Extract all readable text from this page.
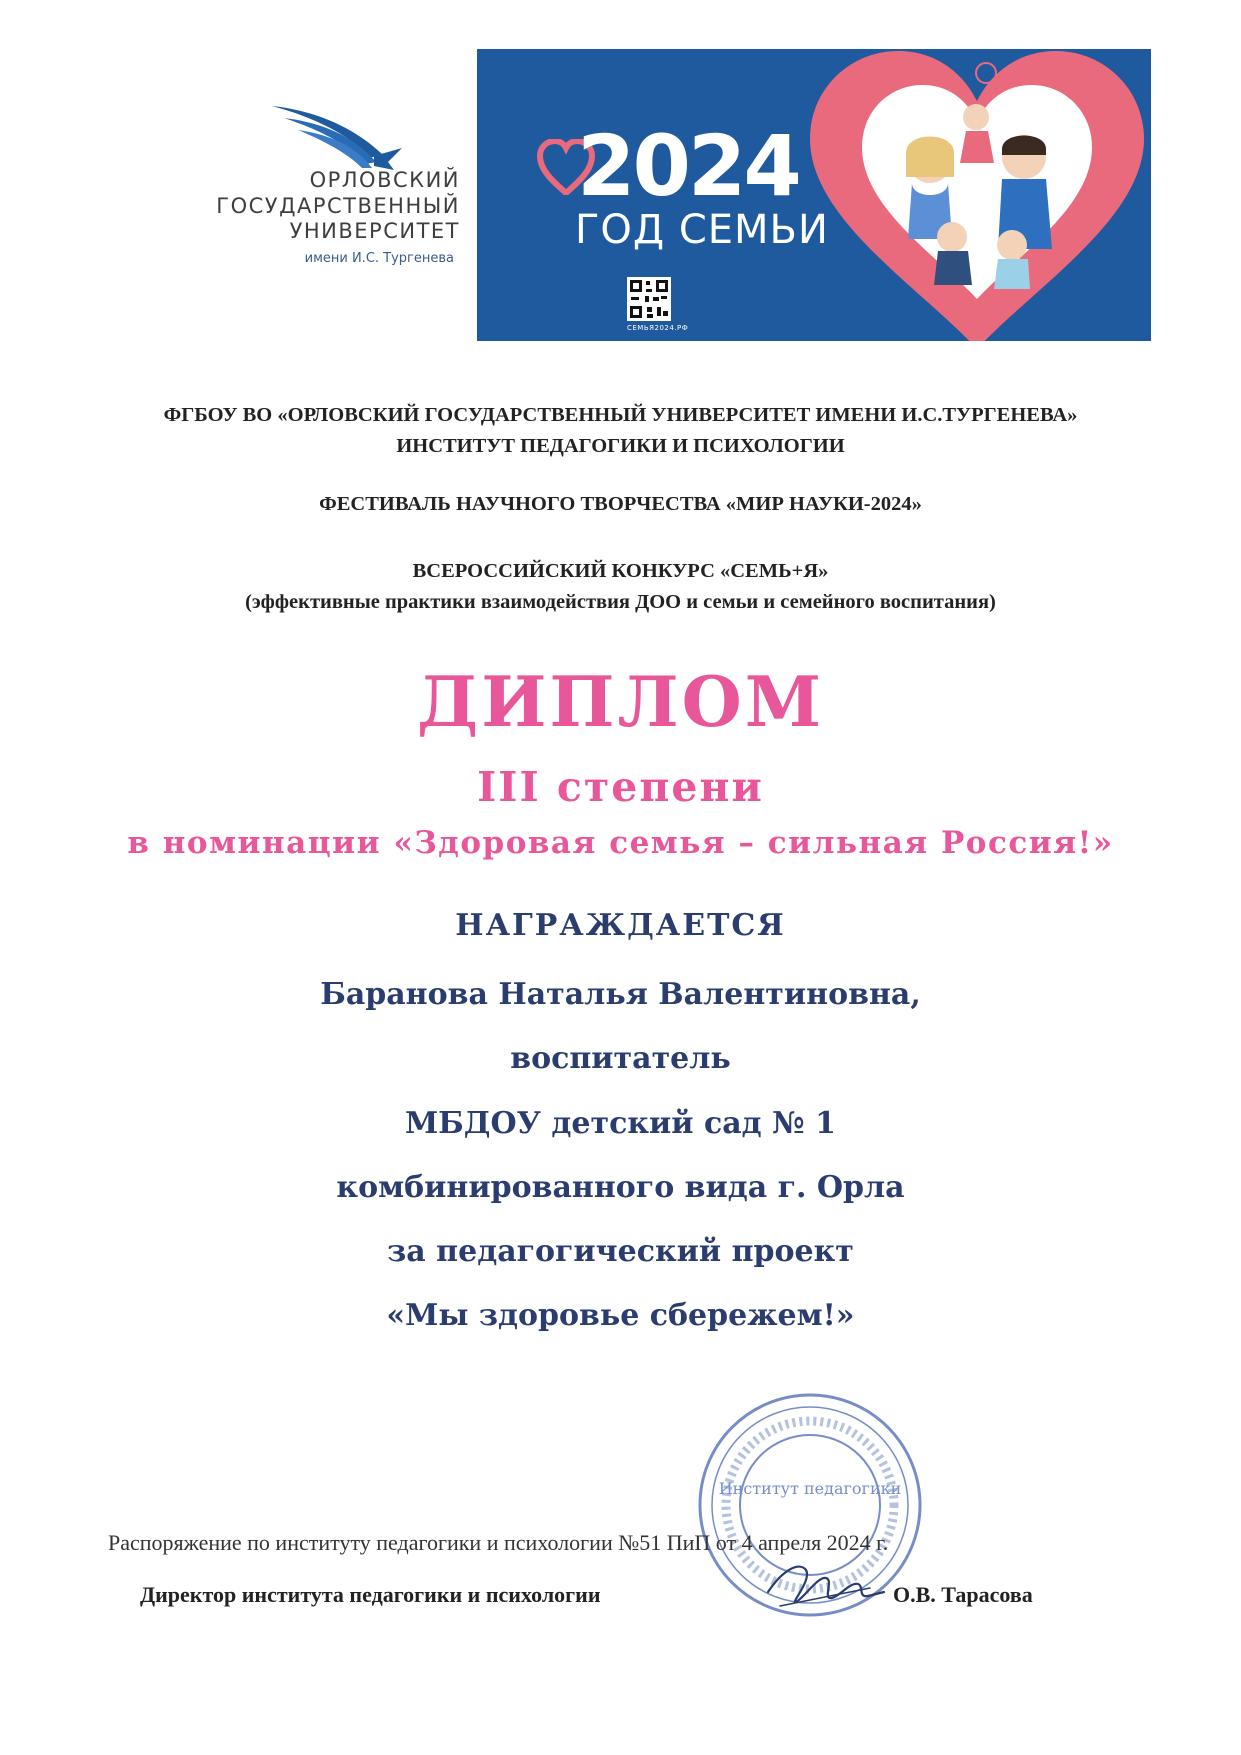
ОРЛОВСКИЙ
ГОСУДАРСТВЕННЫЙ
УНИВЕРСИТЕТ
имени И.С. Тургенева
2024
ГОД СЕМЬИ
СЕМЬЯ2024.РФ
ФГБОУ ВО «ОРЛОВСКИЙ ГОСУДАРСТВЕННЫЙ УНИВЕРСИТЕТ ИМЕНИ И.С.ТУРГЕНЕВА»
ИНСТИТУТ ПЕДАГОГИКИ И ПСИХОЛОГИИ
ФЕСТИВАЛЬ НАУЧНОГО ТВОРЧЕСТВА «МИР НАУКИ-2024»
ВСЕРОССИЙСКИЙ КОНКУРС «СЕМЬ+Я»
(эффективные практики взаимодействия ДОО и семьи и семейного воспитания)
ДИПЛОМ
III степени
в номинации «Здоровая семья – сильная Россия!»
НАГРАЖДАЕТСЯ
Баранова Наталья Валентиновна,
воспитатель
МБДОУ детский сад № 1
комбинированного вида г. Орла
за педагогический проект
«Мы здоровье сбережем!»
Институт педагогики
Распоряжение по институту педагогики и психологии №51 ПиП от 4 апреля 2024 г.
Директор института педагогики и психологии	О.В. Тарасова
